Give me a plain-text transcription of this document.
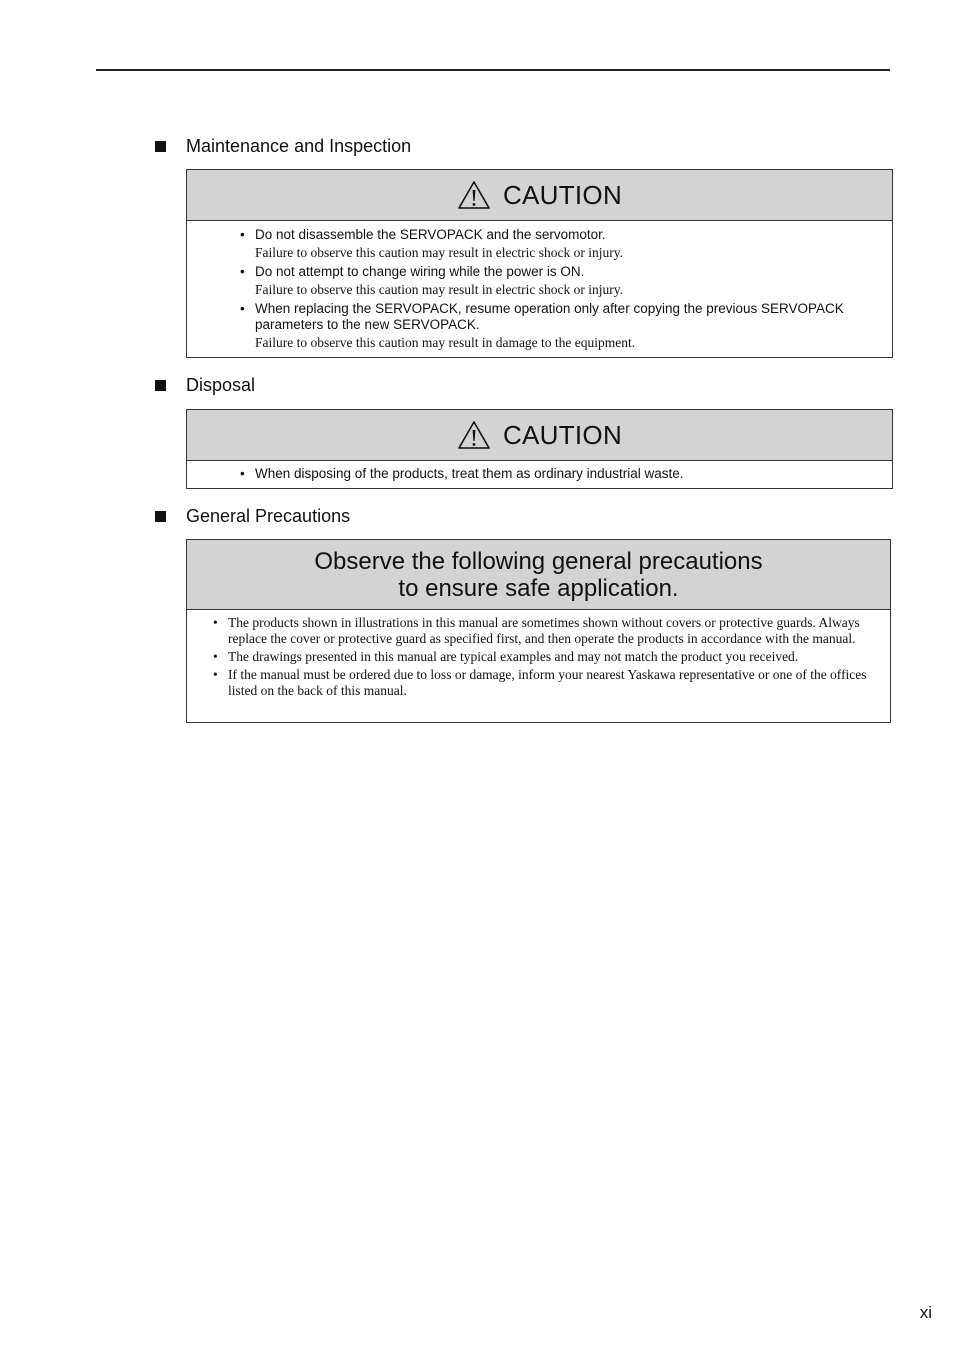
Maintenance and Inspection
CAUTION
• Do not disassemble the SERVOPACK and the servomotor.
Failure to observe this caution may result in electric shock or injury.
• Do not attempt to change wiring while the power is ON.
Failure to observe this caution may result in electric shock or injury.
• When replacing the SERVOPACK, resume operation only after copying the previous SERVOPACK parameters to the new SERVOPACK.
Failure to observe this caution may result in damage to the equipment.
Disposal
CAUTION
• When disposing of the products, treat them as ordinary industrial waste.
General Precautions
Observe the following general precautions
to ensure safe application.
• The products shown in illustrations in this manual are sometimes shown without covers or protective guards. Always replace the cover or protective guard as specified first, and then operate the products in accordance with the manual.
• The drawings presented in this manual are typical examples and may not match the product you received.
• If the manual must be ordered due to loss or damage, inform your nearest Yaskawa representative or one of the offices listed on the back of this manual.
xi
